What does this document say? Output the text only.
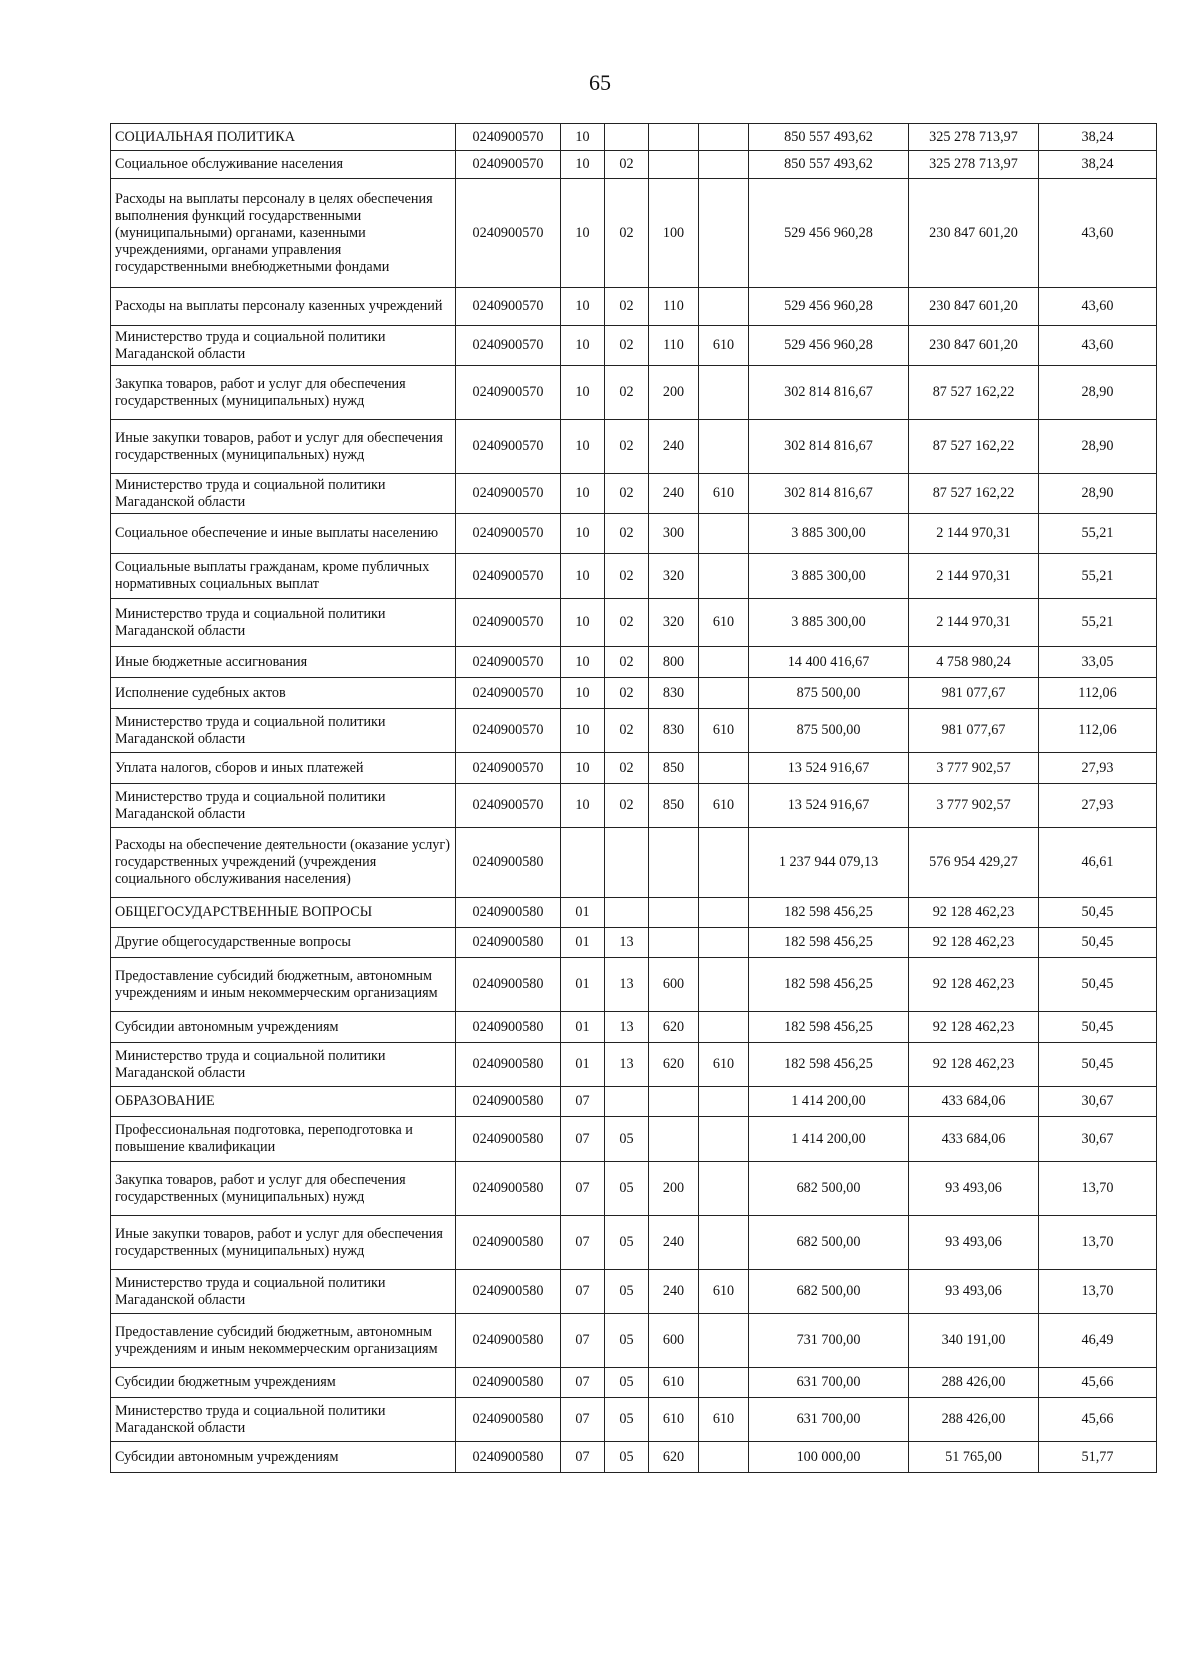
65
СОЦИАЛЬНАЯ ПОЛИТИКА	0240900570	10				850 557 493,62	325 278 713,97	38,24
Социальное обслуживание населения	0240900570	10	02			850 557 493,62	325 278 713,97	38,24
Расходы на выплаты персоналу в целях обеспечения выполнения функций государственными (муниципальными) органами, казенными учреждениями, органами управления государственными внебюджетными фондами	0240900570	10	02	100		529 456 960,28	230 847 601,20	43,60
Расходы на выплаты персоналу казенных учреждений	0240900570	10	02	110		529 456 960,28	230 847 601,20	43,60
Министерство труда и социальной политики Магаданской области	0240900570	10	02	110	610	529 456 960,28	230 847 601,20	43,60
Закупка товаров, работ и услуг для обеспечения государственных (муниципальных) нужд	0240900570	10	02	200		302 814 816,67	87 527 162,22	28,90
Иные закупки товаров, работ и услуг для обеспечения государственных (муниципальных) нужд	0240900570	10	02	240		302 814 816,67	87 527 162,22	28,90
Министерство труда и социальной политики Магаданской области	0240900570	10	02	240	610	302 814 816,67	87 527 162,22	28,90
Социальное обеспечение и иные выплаты населению	0240900570	10	02	300		3 885 300,00	2 144 970,31	55,21
Социальные выплаты гражданам, кроме публичных нормативных социальных выплат	0240900570	10	02	320		3 885 300,00	2 144 970,31	55,21
Министерство труда и социальной политики Магаданской области	0240900570	10	02	320	610	3 885 300,00	2 144 970,31	55,21
Иные бюджетные ассигнования	0240900570	10	02	800		14 400 416,67	4 758 980,24	33,05
Исполнение судебных актов	0240900570	10	02	830		875 500,00	981 077,67	112,06
Министерство труда и социальной политики Магаданской области	0240900570	10	02	830	610	875 500,00	981 077,67	112,06
Уплата налогов, сборов и иных платежей	0240900570	10	02	850		13 524 916,67	3 777 902,57	27,93
Министерство труда и социальной политики Магаданской области	0240900570	10	02	850	610	13 524 916,67	3 777 902,57	27,93
Расходы на обеспечение деятельности (оказание услуг) государственных учреждений (учреждения социального обслуживания населения)	0240900580					1 237 944 079,13	576 954 429,27	46,61
ОБЩЕГОСУДАРСТВЕННЫЕ ВОПРОСЫ	0240900580	01				182 598 456,25	92 128 462,23	50,45
Другие общегосударственные вопросы	0240900580	01	13			182 598 456,25	92 128 462,23	50,45
Предоставление субсидий бюджетным, автономным учреждениям и иным некоммерческим организациям	0240900580	01	13	600		182 598 456,25	92 128 462,23	50,45
Субсидии автономным учреждениям	0240900580	01	13	620		182 598 456,25	92 128 462,23	50,45
Министерство труда и социальной политики Магаданской области	0240900580	01	13	620	610	182 598 456,25	92 128 462,23	50,45
ОБРАЗОВАНИЕ	0240900580	07				1 414 200,00	433 684,06	30,67
Профессиональная подготовка, переподготовка и повышение квалификации	0240900580	07	05			1 414 200,00	433 684,06	30,67
Закупка товаров, работ и услуг для обеспечения государственных (муниципальных) нужд	0240900580	07	05	200		682 500,00	93 493,06	13,70
Иные закупки товаров, работ и услуг для обеспечения государственных (муниципальных) нужд	0240900580	07	05	240		682 500,00	93 493,06	13,70
Министерство труда и социальной политики Магаданской области	0240900580	07	05	240	610	682 500,00	93 493,06	13,70
Предоставление субсидий бюджетным, автономным учреждениям и иным некоммерческим организациям	0240900580	07	05	600		731 700,00	340 191,00	46,49
Субсидии бюджетным учреждениям	0240900580	07	05	610		631 700,00	288 426,00	45,66
Министерство труда и социальной политики Магаданской области	0240900580	07	05	610	610	631 700,00	288 426,00	45,66
Субсидии автономным учреждениям	0240900580	07	05	620		100 000,00	51 765,00	51,77
